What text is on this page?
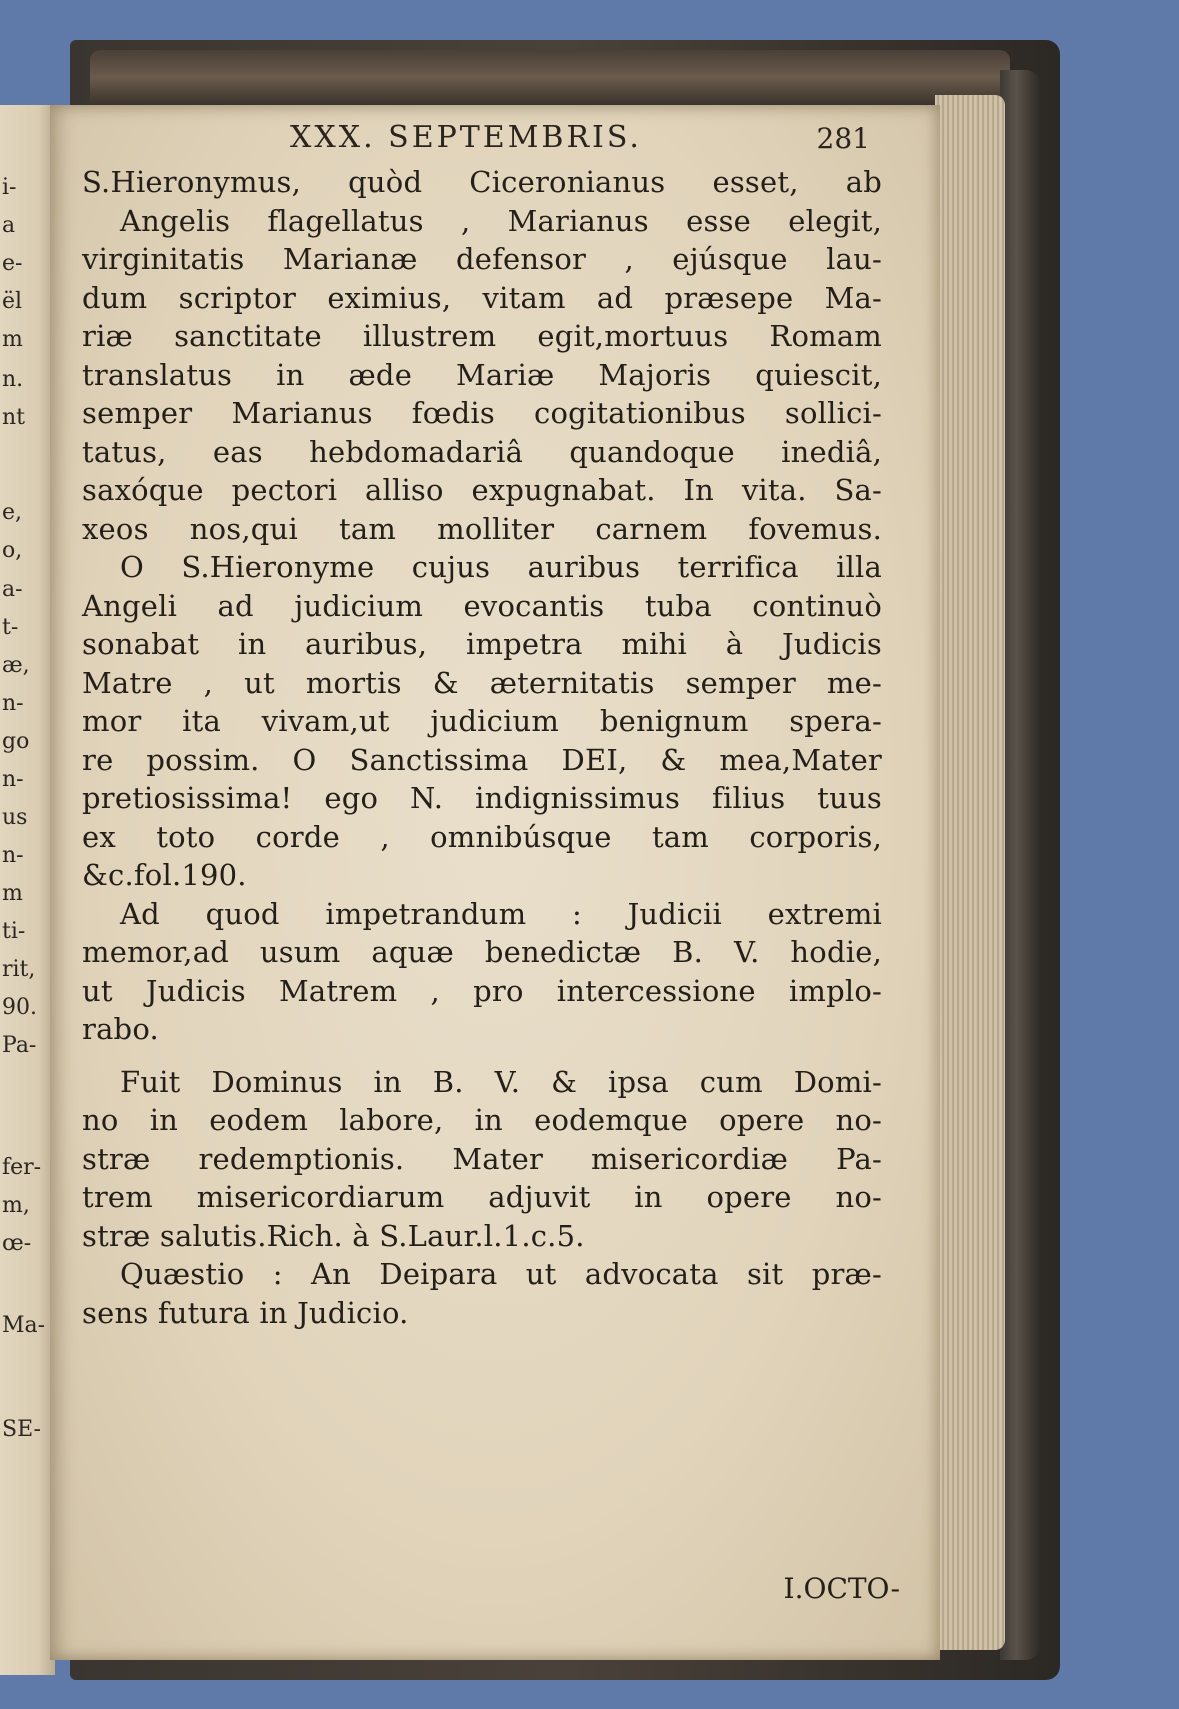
i-
a
e-
ël
m
n.
nt
e,
o,
a-
t-
æ,
n-
go
n-
us
n-
m
ti-
rit,
90.
Pa-
fer-
m,
œ-
Ma-
SE-
XXX. SEPTEMBRIS.	281
S.Hieronymus, quòd Ciceronianus esset, ab
Angelis flagellatus , Marianus esse elegit,
virginitatis Marianæ defensor , ejúsque lau-
dum scriptor eximius, vitam ad præsepe Ma-
riæ sanctitate illustrem egit,mortuus Romam
translatus in æde Mariæ Majoris quiescit,
semper Marianus fœdis cogitationibus sollici-
tatus, eas hebdomadariâ quandoque inediâ,
saxóque pectori alliso expugnabat. In vita. Sa-
xeos nos,qui tam molliter carnem fovemus.
O S.Hieronyme cujus auribus terrifica illa
Angeli ad judicium evocantis tuba continuò
sonabat in auribus, impetra mihi à Judicis
Matre , ut mortis & æternitatis semper me-
mor ita vivam,ut judicium benignum spera-
re possim. O Sanctissima DEI, & mea,Mater
pretiosissima! ego N. indignissimus filius tuus
ex toto corde , omnibúsque tam corporis,
&c.fol.190.
Ad quod impetrandum : Judicii extremi
memor,ad usum aquæ benedictæ B. V. hodie,
ut Judicis Matrem , pro intercessione implo-
rabo.
Fuit Dominus in B. V. & ipsa cum Domi-
no in eodem labore, in eodemque opere no-
stræ redemptionis. Mater misericordiæ Pa-
trem misericordiarum adjuvit in opere no-
stræ salutis.Rich. à S.Laur.l.1.c.5.
Quæstio : An Deipara ut advocata sit præ-
sens futura in Judicio.
I.OCTO-
